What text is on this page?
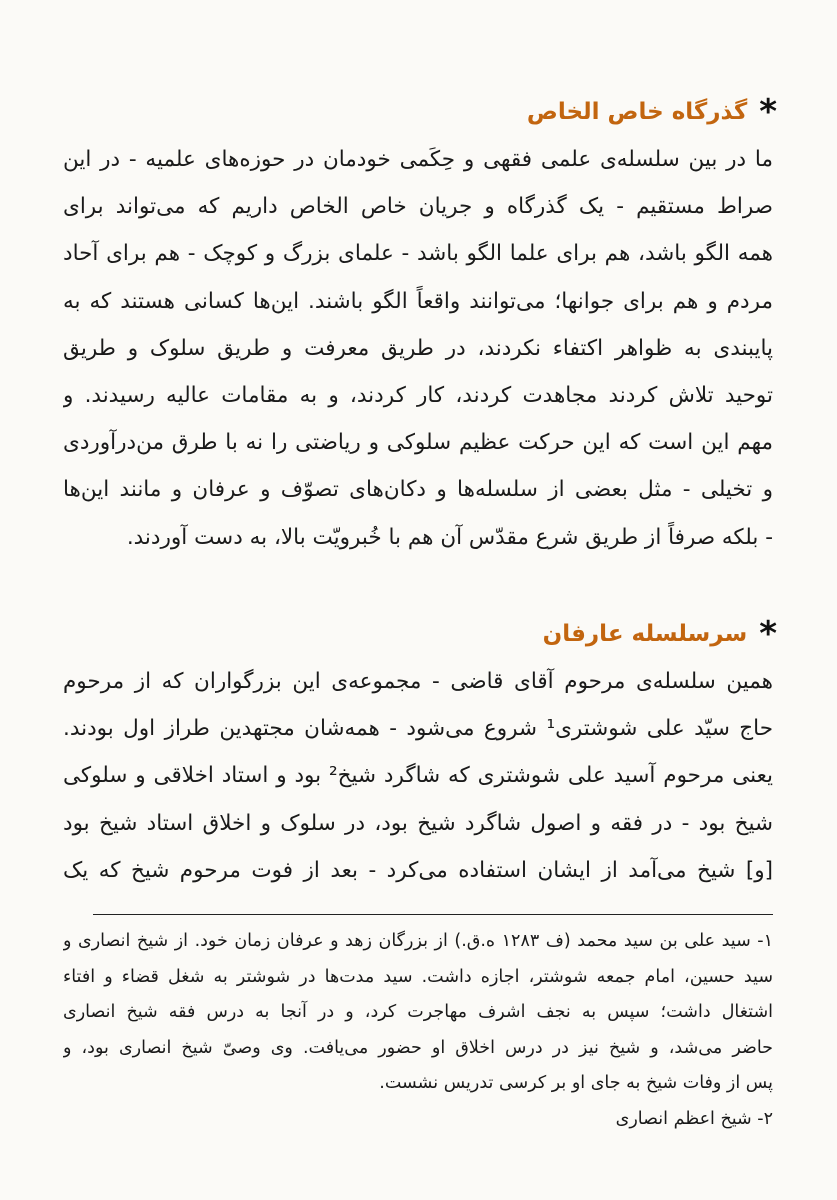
*
گذرگاه خاص الخاص
ما در بین سلسله‌ی علمی فقهی و حِکَمی خودمان در حوزه‌های علمیه - در این
صراط مستقیم - یک گذرگاه و جریان خاص الخاص داریم که می‌تواند برای
همه الگو باشد، هم برای علما الگو باشد - علمای بزرگ و کوچک - هم برای آحاد
مردم و هم برای جوانها؛ می‌توانند واقعاً الگو باشند. این‌ها کسانی هستند که به
پایبندی به ظواهر اکتفاء نکردند، در طریق معرفت و طریق سلوک و طریق
توحید تلاش کردند مجاهدت کردند، کار کردند، و به مقامات عالیه رسیدند. و
مهم این است که این حرکت عظیم سلوکی و ریاضتی را نه با طرق من‌درآوردی
و تخیلی - مثل بعضی از سلسله‌ها و دکان‌های تصوّف و عرفان و مانند این‌ها
- بلکه صرفاً از طریق شرع مقدّس آن هم با خُبرویّت بالا، به دست آوردند.
*
سرسلسله عارفان
همین سلسله‌ی مرحوم آقای قاضی - مجموعه‌ی این بزرگواران که از مرحوم
حاج سیّد علی شوشتری¹ شروع می‌شود - همه‌شان مجتهدین طراز اول بودند.
یعنی مرحوم آسید علی شوشتری که شاگرد شیخ² بود و استاد اخلاقی و سلوکی
شیخ بود - در فقه و اصول شاگرد شیخ بود، در سلوک و اخلاق استاد شیخ بود
[و] شیخ می‌آمد از ایشان استفاده می‌کرد - بعد از فوت مرحوم شیخ که یک
۱- سید علی بن سید محمد (ف ۱۲۸۳ ه.ق.) از بزرگان زهد و عرفان زمان خود. از شیخ انصاری و
سید حسین، امام جمعه شوشتر، اجازه داشت. سید مدت‌ها در شوشتر به شغل قضاء و افتاء
اشتغال داشت؛ سپس به نجف اشرف مهاجرت کرد، و در آنجا به درس فقه شیخ انصاری
حاضر می‌شد، و شیخ نیز در درس اخلاق او حضور می‌یافت. وی وصیّ شیخ انصاری بود، و
پس از وفات شیخ به جای او بر کرسی تدریس نشست.
۲- شیخ اعظم انصاری
